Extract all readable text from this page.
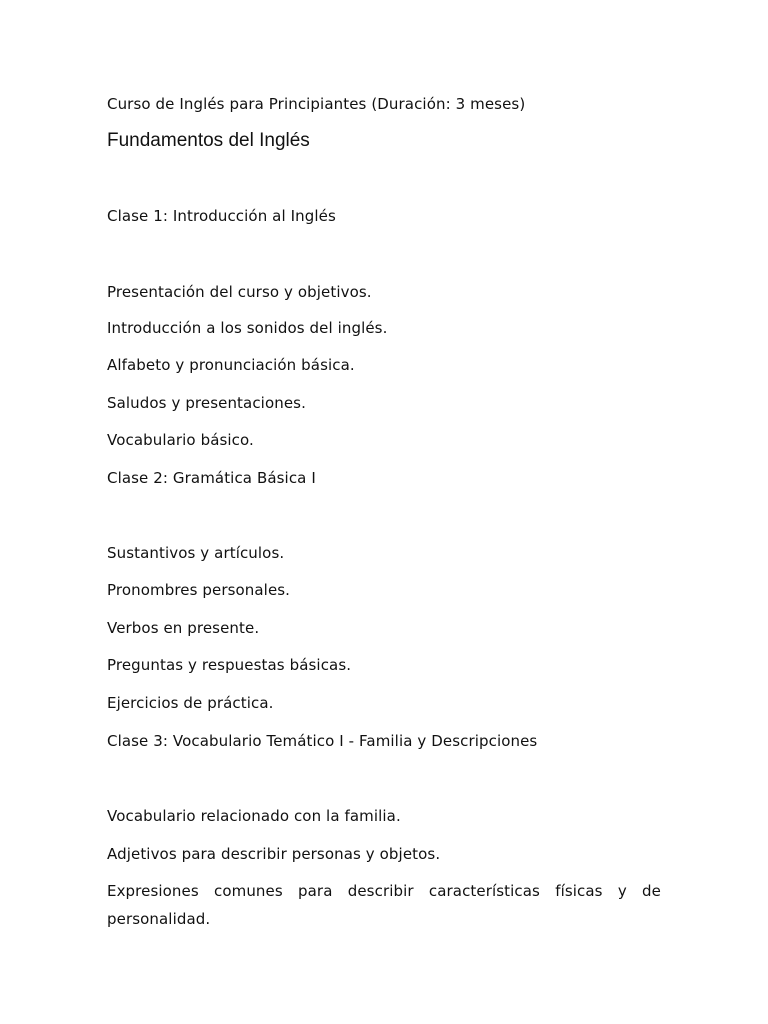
Curso de Inglés para Principiantes (Duración: 3 meses)

Fundamentos del Inglés

Clase 1: Introducción al Inglés

Presentación del curso y objetivos.

Introducción a los sonidos del inglés.

Alfabeto y pronunciación básica.

Saludos y presentaciones.

Vocabulario básico.

Clase 2: Gramática Básica I

Sustantivos y artículos.

Pronombres personales.

Verbos en presente.

Preguntas y respuestas básicas.

Ejercicios de práctica.

Clase 3: Vocabulario Temático I - Familia y Descripciones

Vocabulario relacionado con la familia.

Adjetivos para describir personas y objetos.

Expresiones comunes para describir características físicas y de personalidad.
